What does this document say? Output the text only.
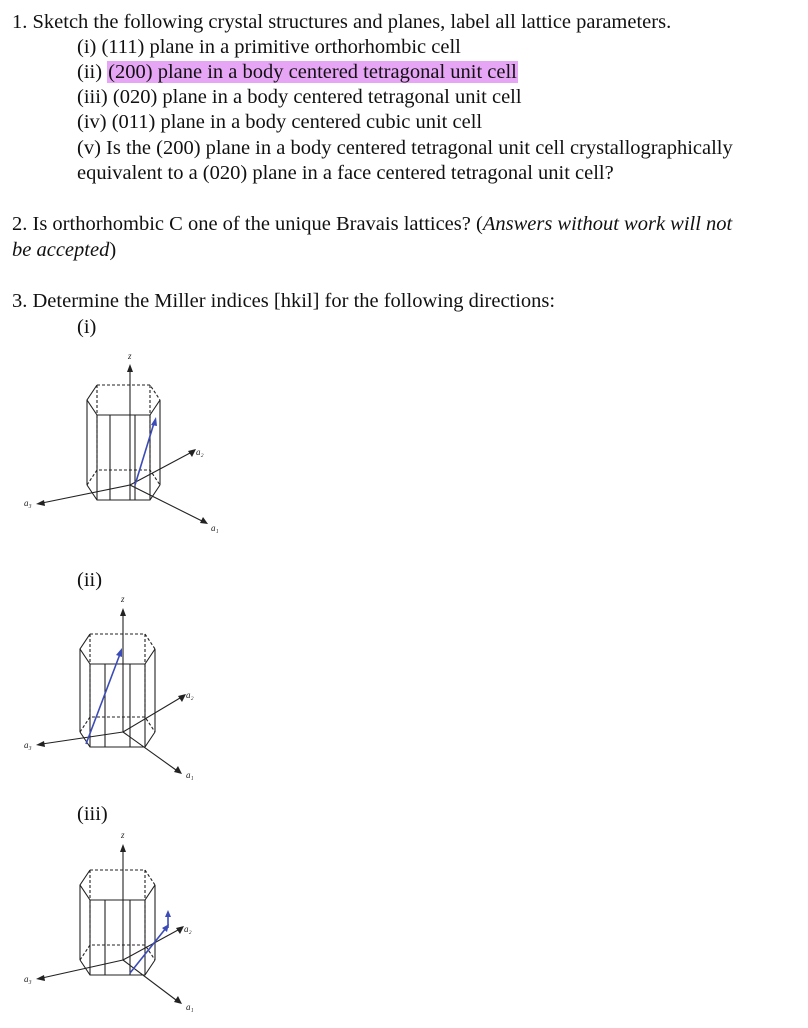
1. Sketch the following crystal structures and planes, label all lattice parameters.
(i) (111) plane in a primitive orthorhombic cell
(ii) (200) plane in a body centered tetragonal unit cell
(iii) (020) plane in a body centered tetragonal unit cell
(iv) (011) plane in a body centered cubic unit cell
(v) Is the (200) plane in a body centered tetragonal unit cell crystallographically
equivalent to a (020) plane in a face centered tetragonal unit cell?
2. Is orthorhombic C one of the unique Bravais lattices? (Answers without work will not
be accepted)
3. Determine the Miller indices [hkil] for the following directions:
(i)
(ii)
(iii)
z
a₃
a₁
a₂
z
a₃
a₁
a₂
z
a₃
a₁
a₂
